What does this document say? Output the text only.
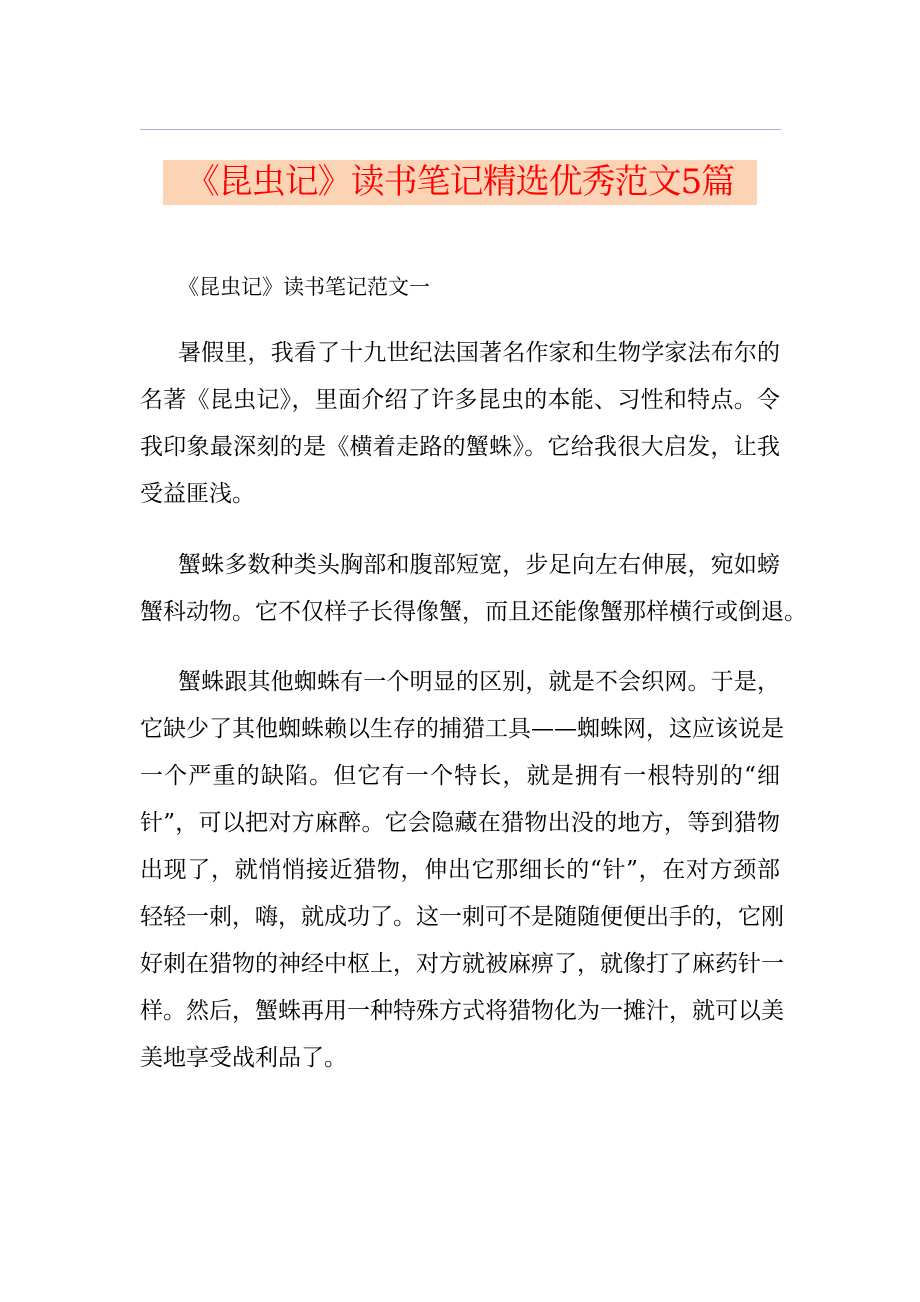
《昆虫记》读书笔记精选优秀范文5篇
《昆虫记》读书笔记范文一
暑假里，我看了十九世纪法国著名作家和生物学家法布尔的
名著《昆虫记》，里面介绍了许多昆虫的本能、习性和特点。令
我印象最深刻的是《横着走路的蟹蛛》。它给我很大启发，让我
受益匪浅。
蟹蛛多数种类头胸部和腹部短宽，步足向左右伸展，宛如螃
蟹科动物。它不仅样子长得像蟹，而且还能像蟹那样横行或倒退。
蟹蛛跟其他蜘蛛有一个明显的区别，就是不会织网。于是，
它缺少了其他蜘蛛赖以生存的捕猎工具——蜘蛛网，这应该说是
一个严重的缺陷。但它有一个特长，就是拥有一根特别的“细
针”，可以把对方麻醉。它会隐藏在猎物出没的地方，等到猎物
出现了，就悄悄接近猎物，伸出它那细长的“针”，在对方颈部
轻轻一刺，嗨，就成功了。这一刺可不是随随便便出手的，它刚
好刺在猎物的神经中枢上，对方就被麻痹了，就像打了麻药针一
样。然后，蟹蛛再用一种特殊方式将猎物化为一摊汁，就可以美
美地享受战利品了。
